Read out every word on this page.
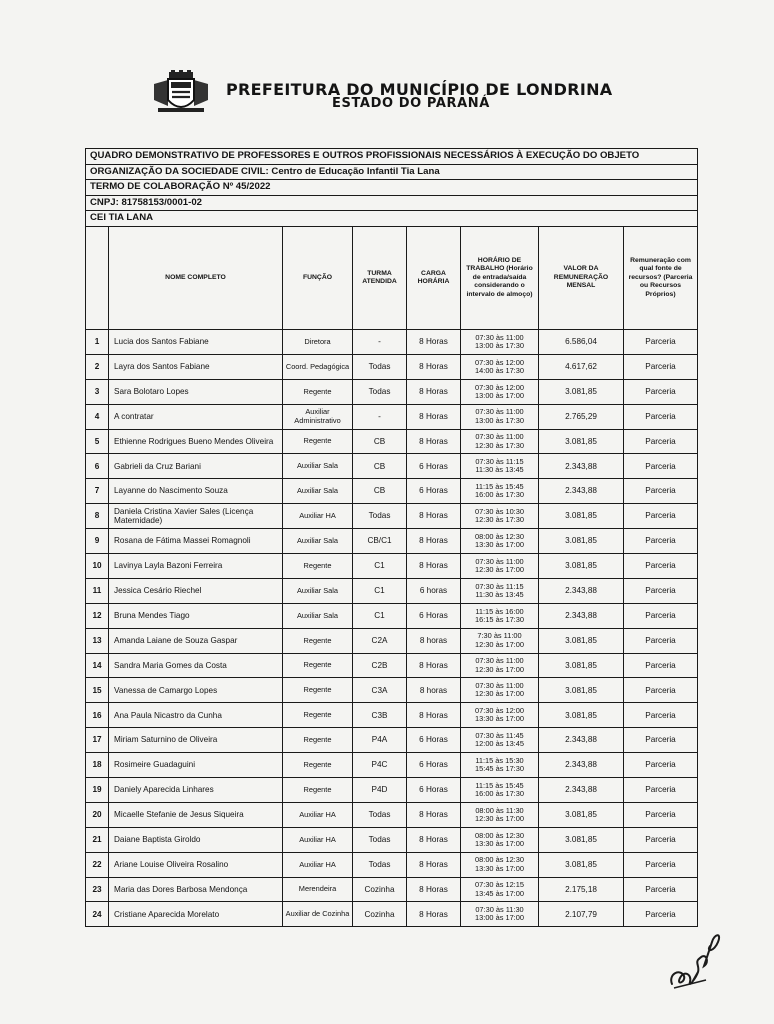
PREFEITURA DO MUNICÍPIO DE LONDRINA
ESTADO DO PARANÁ
QUADRO DEMONSTRATIVO DE PROFESSORES E OUTROS PROFISSIONAIS NECESSÁRIOS À EXECUÇÃO DO OBJETO
ORGANIZAÇÃO DA SOCIEDADE CIVIL: Centro de Educação Infantil Tia Lana
TERMO DE COLABORAÇÃO Nº 45/2022
CNPJ: 81758153/0001-02
CEI TIA LANA
	NOME COMPLETO	FUNÇÃO	TURMA ATENDIDA	CARGA HORÁRIA	HORÁRIO DE TRABALHO (Horário de entrada/saída considerando o intervalo de almoço)	VALOR DA REMUNERAÇÃO MENSAL	Remuneração com qual fonte de recursos? (Parceria ou Recursos Próprios)
1	Lucia dos Santos Fabiane	Diretora	-	8 Horas	07:30 às 11:00
13:00 às 17:30	6.586,04	Parceria
2	Layra dos Santos Fabiane	Coord. Pedagógica	Todas	8 Horas	07:30 às 12:00
14:00 às 17:30	4.617,62	Parceria
3	Sara Bolotaro Lopes	Regente	Todas	8 Horas	07:30 às 12:00
13:00 às 17:00	3.081,85	Parceria
4	A contratar	Auxiliar Administrativo	-	8 Horas	07:30 às 11:00
13:00 às 17:30	2.765,29	Parceria
5	Ethienne Rodrigues Bueno Mendes Oliveira	Regente	CB	8 Horas	07:30 às 11:00
12:30 às 17:30	3.081,85	Parceria
6	Gabrieli da Cruz Bariani	Auxiliar Sala	CB	6 Horas	07:30 às 11:15
11:30 às 13:45	2.343,88	Parceria
7	Layanne do Nascimento Souza	Auxiliar Sala	CB	6 Horas	11:15 às 15:45
16:00 às 17:30	2.343,88	Parceria
8	Daniela Cristina Xavier Sales (Licença Maternidade)	Auxiliar HA	Todas	8 Horas	07:30 às 10:30
12:30 às 17:30	3.081,85	Parceria
9	Rosana de Fátima Massei Romagnoli	Auxiliar Sala	CB/C1	8 Horas	08:00 às 12:30
13:30 às 17:00	3.081,85	Parceria
10	Lavinya Layla Bazoni Ferreira	Regente	C1	8 Horas	07:30 às 11:00
12:30 às 17:00	3.081,85	Parceria
11	Jessica Cesário Riechel	Auxiliar Sala	C1	6 horas	07:30 às 11:15
11:30 às 13:45	2.343,88	Parceria
12	Bruna Mendes Tiago	Auxiliar Sala	C1	6 Horas	11:15 às 16:00
16:15 às 17:30	2.343,88	Parceria
13	Amanda Laiane de Souza Gaspar	Regente	C2A	8 horas	7:30 às 11:00
12:30 às 17:00	3.081,85	Parceria
14	Sandra Maria Gomes da Costa	Regente	C2B	8 Horas	07:30 às 11:00
12:30 às 17:00	3.081,85	Parceria
15	Vanessa de Camargo Lopes	Regente	C3A	8 horas	07:30 às 11:00
12:30 às 17:00	3.081,85	Parceria
16	Ana Paula Nicastro da Cunha	Regente	C3B	8 Horas	07:30 às 12:00
13:30 às 17:00	3.081,85	Parceria
17	Miriam Saturnino de Oliveira	Regente	P4A	6 Horas	07:30 às 11:45
12:00 às 13:45	2.343,88	Parceria
18	Rosimeire Guadaguini	Regente	P4C	6 Horas	11:15 às 15:30
15:45 às 17:30	2.343,88	Parceria
19	Daniely Aparecida Linhares	Regente	P4D	6 Horas	11:15 às 15:45
16:00 às 17:30	2.343,88	Parceria
20	Micaelle Stefanie de Jesus Siqueira	Auxiliar HA	Todas	8 Horas	08:00 às 11:30
12:30 às 17:00	3.081,85	Parceria
21	Daiane Baptista Giroldo	Auxiliar HA	Todas	8 Horas	08:00 às 12:30
13:30 às 17:00	3.081,85	Parceria
22	Ariane Louise Oliveira Rosalino	Auxiliar HA	Todas	8 Horas	08:00 às 12:30
13:30 às 17:00	3.081,85	Parceria
23	Maria das Dores Barbosa Mendonça	Merendeira	Cozinha	8 Horas	07:30 às 12:15
13:45 às 17:00	2.175,18	Parceria
24	Cristiane Aparecida Morelato	Auxiliar de Cozinha	Cozinha	8 Horas	07:30 às 11:30
13:00 às 17:00	2.107,79	Parceria
